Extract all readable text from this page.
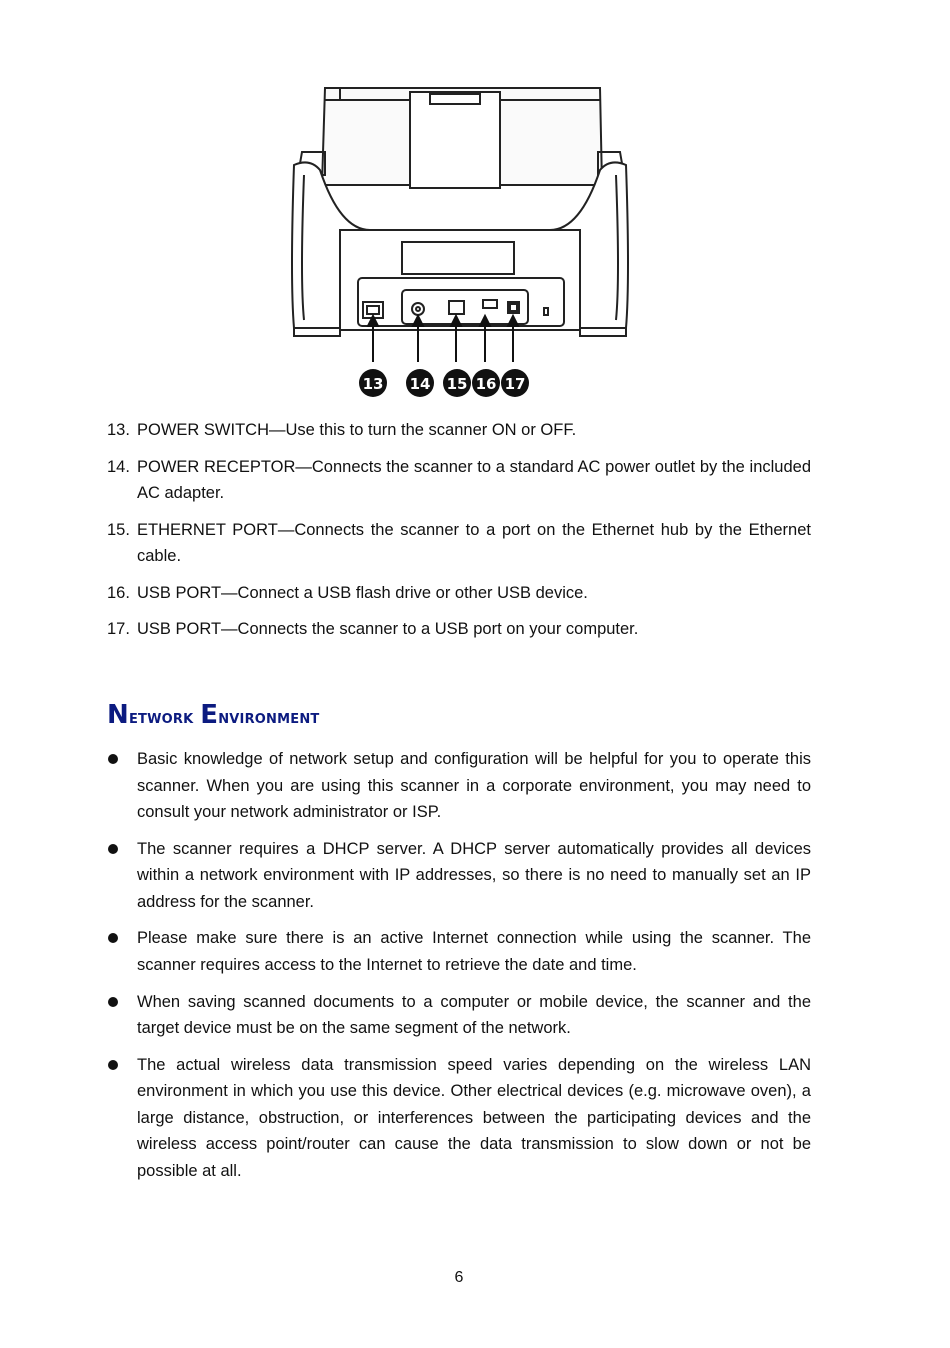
13 14 15 16 17
13. POWER SWITCH—Use this to turn the scanner ON or OFF.
14. POWER RECEPTOR—Connects the scanner to a standard AC power outlet by the included AC adapter.
15. ETHERNET PORT—Connects the scanner to a port on the Ethernet hub by the Ethernet cable.
16. USB PORT—Connect a USB flash drive or other USB device.
17. USB PORT—Connects the scanner to a USB port on your computer.
Network Environment
Basic knowledge of network setup and configuration will be helpful for you to operate this scanner. When you are using this scanner in a corporate environment, you may need to consult your network administrator or ISP.
The scanner requires a DHCP server. A DHCP server automatically provides all devices within a network environment with IP addresses, so there is no need to manually set an IP address for the scanner.
Please make sure there is an active Internet connection while using the scanner. The scanner requires access to the Internet to retrieve the date and time.
When saving scanned documents to a computer or mobile device, the scanner and the target device must be on the same segment of the network.
The actual wireless data transmission speed varies depending on the wireless LAN environment in which you use this device. Other electrical devices (e.g. microwave oven), a large distance, obstruction, or interferences between the participating devices and the wireless access point/router can cause the data transmission to slow down or not be possible at all.
6
